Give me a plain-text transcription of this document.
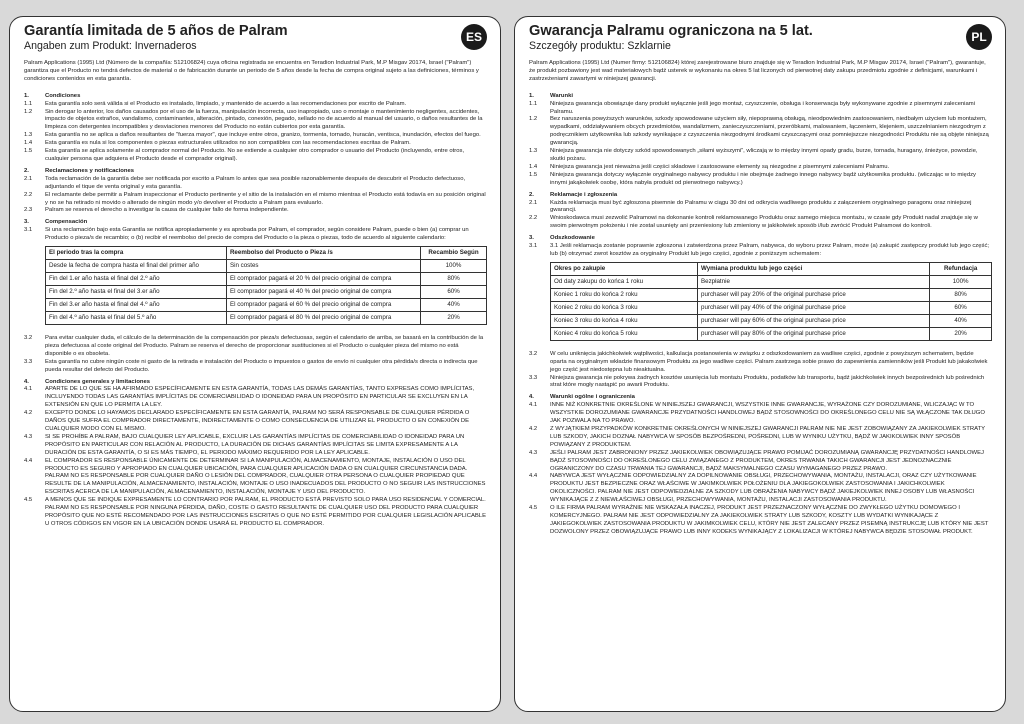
ES
Garantía limitada de 5 años de Palram
Angaben zum Produkt: Invernaderos

Palram Applications (1995) Ltd (Número de la compañía: 512106824) cuya oficina registrada se encuentra en Teradion Industrial Park, M.P Misgav 20174, Israel ("Palram") garantiza que el Producto no tendrá defectos de material o de fabricación durante un periodo de 5 años desde la fecha de compra original sujeto a las definiciones, términos y condiciones contenidos en esta garantía.

1.	Condiciones
1.1	Esta garantía solo será válida si el Producto es instalado, limpiado, y mantenido de acuerdo a las recomendaciones por escrito de Palram.
1.2	Sin derogar lo anterior, los daños causados por el uso de la fuerza, manipulación incorrecta, uso inapropiado, uso o montaje o mantenimiento negligentes, accidentes, impacto de objetos extraños, vandalismo, contaminantes, alteración, pintado, conexión, pegado, sellado no de acuerdo al manual del usuario, o daños resultantes de la limpieza con detergentes incompatibles y desviaciones menores del Producto no están cubiertos por esta garantía.
1.3	Esta garantía no se aplica a daños resultantes de "fuerza mayor", que incluye entre otros, granizo, tormenta, tornado, huracán, ventisca, inundación, efectos del fuego.
1.4	Esta garantía es nula si los componentes o piezas estructurales utilizados no son compatibles con las recomendaciones escritas de Palram.
1.5	Esta garantía se aplica solamente al comprador normal del Producto. No se extiende a cualquier otro comprador o usuario del Producto (incluyendo, entre otros, cualquier persona que adquiera el Producto desde el comprador original).
2.	Reclamaciones y notificaciones
2.1	Toda reclamación de la garantía debe ser notificada por escrito a Palram lo antes que sea posible razonablemente después de descubrir el Producto defectuoso, adjuntando el tique de venta original y esta garantía.
2.2	El reclamante debe permitir a Palram inspeccionar el Producto pertinente y el sitio de la instalación en el mismo mientras el Producto está todavía en su posición original y no se ha retirado ni movido o alterado de ningún modo y/o devolver el Producto a Palram para evaluarlo.
2.3	Palram se reserva el derecho a investigar la causa de cualquier fallo de forma independiente.
3.	Compensación
3.1	Si una reclamación bajo esta Garantía se notifica apropiadamente y es aprobada por Palram, el comprador, según considere Palram, puede o bien (a) comprar un Producto o pieza/s de recambio; o (b) recibir el reembolso del precio de compra del Producto o la pieza o piezas, todo de acuerdo al siguiente calendario:
El periodo tras la compra	Reembolso del Producto o Pieza /s	Recambio Según
Desde la fecha de compra hasta el final del primer año	Sin costes	100%
Fin del 1.er año hasta el final del 2.º año	El comprador pagará el 20 % del precio original de compra	80%
Fin del 2.º año hasta el final del 3.er año	El comprador pagará el 40 % del precio original de compra	60%
Fin del 3.er año hasta el final del 4.º año	El comprador pagará el 60 % del precio original de compra	40%
Fin del 4.º año hasta el final del 5.º año	El comprador pagará el 80 % del precio original de compra	20%
3.2	Para evitar cualquier duda, el cálculo de la determinación de la compensación por pieza/s defectuosas, según el calendario de arriba, se basará en la contribución de la pieza defectuosa al coste original del Producto. Palram se reserva el derecho de proporcionar sustituciones si el Producto o cualquier pieza del mismo no está disponible o es obsoleta.
3.3	Esta garantía no cubre ningún coste ni gasto de la retirada e instalación del Producto o impuestos o gastos de envío ni cualquier otra pérdida/s directa o indirecta que pueda resultar del defecto del Producto.
4.	Condiciones generales y limitaciones
4.1	APARTE DE LO QUE SE HA AFIRMADO ESPECÍFICAMENTE EN ESTA GARANTÍA, TODAS LAS DEMÁS GARANTÍAS, TANTO EXPRESAS COMO IMPLÍCITAS, INCLUYENDO TODAS LAS GARANTÍAS IMPLÍCITAS DE COMERCIABILIDAD O IDONEIDAD PARA UN PROPÓSITO EN PARTICULAR SE EXCLUYEN EN LA EXTENSIÓN EN QUE LO PERMITA LA LEY.
4.2	EXCEPTO DONDE LO HAYAMOS DECLARADO ESPECÍFICAMENTE EN ESTA GARANTÍA, PALRAM NO SERÁ RESPONSABLE DE CUALQUIER PÉRDIDA O DAÑOS QUE SUFRA EL COMPRADOR DIRECTAMENTE, INDIRECTAMENTE O COMO CONSECUENCIA DE UTILIZAR EL PRODUCTO O EN CONEXIÓN DE CUALQUIER MODO CON EL MISMO.
4.3	SI SE PROHÍBE A PALRAM, BAJO CUALQUIER LEY APLICABLE, EXCLUIR LAS GARANTÍAS IMPLÍCITAS DE COMERCIABILIDAD O IDONEIDAD PARA UN PROPÓSITO EN PARTICULAR CON RELACIÓN AL PRODUCTO, LA DURACIÓN DE DICHAS GARANTÍAS IMPLÍCITAS SE LIMITA EXPRESAMENTE A LA DURACIÓN DE ESTA GARANTÍA, O SI ES MÁS TIEMPO, EL PERIODO MÁXIMO REQUERIDO POR LA LEY APLICABLE.
4.4	EL COMPRADOR ES RESPONSABLE ÚNICAMENTE DE DETERMINAR SI LA MANIPULACIÓN, ALMACENAMIENTO, MONTAJE, INSTALACIÓN O USO DEL PRODUCTO ES SEGURO Y APROPIADO EN CUALQUIER UBICACIÓN, PARA CUALQUIER APLICACIÓN DADA O EN CUALQUIER CIRCUNSTANCIA DADA. PALRAM NO ES RESPONSABLE POR CUALQUIER DAÑO O LESIÓN DEL COMPRADOR, CUALQUIER OTRA PERSONA O CUALQUIER PROPIEDAD QUE RESULTE DE LA MANIPULACIÓN, ALMACENAMIENTO, INSTALACIÓN, MONTAJE O USO INADECUADOS DEL PRODUCTO O NO SEGUIR LAS INSTRUCCIONES ESCRITAS ACERCA DE LA MANIPULACIÓN, ALMACENAMIENTO, INSTALACIÓN, MONTAJE Y USO DEL PRODUCTO.
4.5	A MENOS QUE SE INDIQUE EXPRESAMENTE LO CONTRARIO POR PALRAM, EL PRODUCTO ESTÁ PREVISTO SOLO PARA USO RESIDENCIAL Y COMERCIAL. PALRAM NO ES RESPONSABLE POR NINGUNA PÉRDIDA, DAÑO, COSTE O GASTO RESULTANTE DE CUALQUIER USO DEL PRODUCTO PARA CUALQUIER PROPÓSITO QUE NO ESTÉ RECOMENDADO POR LAS INSTRUCCIONES ESCRITAS O QUE NO ESTÉ PERMITIDO POR CUALQUIER LEGISLACIÓN APLICABLE U OTROS CÓDIGOS EN VIGOR EN LA UBICACIÓN DONDE USARÁ EL PRODUCTO EL COMPRADOR.
PL
Gwarancja Palramu ograniczona na 5 lat.
Szczegóły produktu: Szklarnie

Palram Applications (1995) Ltd (Numer firmy: 512106824) której zarejestrowane biuro znajduje się w Teradion Industrial Park, M.P Misgav 20174, Israel ("Palram"), gwarantuje, że produkt pozbawiony jest wad materiałowych bądź usterek w wykonaniu na okres 5 lat liczonych od pierwotnej daty zakupu przedmiotu zgodnie z definicjami, warunkami i zastrzeżeniami zawartymi w niniejszej gwarancji.

1.	Warunki
1.1	Niniejsza gwarancja obowiązuje dany produkt wyłącznie jeśli jego montaż, czyszczenie, obsługa i konserwacja były wykonywane zgodnie z pisemnymi zaleceniami Palramu.
1.2	Bez naruszenia powyższych warunków, szkody spowodowane użyciem siły, niepoprawną obsługą, nieodpowiednim zastosowaniem, niedbałym użyciem lub montażem, wypadkami, oddziaływaniem obcych przedmiotów, wandalizmem, zanieczyszczeniami, przeróbkami, malowaniem, łączeniem, klejeniem, uszczelnianiem niezgodnym z podręcznikiem użytkownika lub szkody wynikające z czyszczenia niezgodnymi środkami czyszczącymi oraz pomniejszcze niezgodności Produktu nie są objęte niniejszą gwarancją.
1.3	Niniejsza gwarancja nie dotyczy szkód spowodowanych „siłami wyższymi”, wliczają w to między innymi opady gradu, burze, tornada, huragany, śnieżyce, powodzie, skutki pożaru.
1.4	Niniejsza gwarancja jest nieważna jeśli części składowe i zastosowane elementy są niezgodne z pisemnymi zaleceniami Palramu.
1.5	Niniejsza gwarancja dotyczy wyłącznie oryginalnego nabywcy produktu i nie obejmuje żadnego innego nabywcy bądź użytkownika produktu. (wliczając w to między innymi jakąkolwiek osobę, która nabyła produkt od pierwotnego nabywcy.)
2.	Reklamacje i zgłoszenia
2.1	Każda reklamacja musi być zgłoszona pisemnie do Palramu w ciągu 30 dni od odkrycia wadliwego produktu z załączeniem oryginalnego paragonu oraz niniejszej gwarancji.
2.2	Wnioskodawca musi zezwolić Palramowi na dokonanie kontroli reklamowanego Produktu oraz samego miejsca montażu, w czasie gdy Produkt nadal znajduje się w swoim pierwotnym położeniu i nie został usunięty ani przeniesiony lub zmieniony w jakikolwiek sposób i/lub zwrócić Produkt Palramowi do kontroli.
3.	Odszkodowanie
3.1	3.1 Jeśli reklamacja zostanie poprawnie zgłoszona i zatwierdzona przez Palram, nabywca, do wyboru przez Palram, może (a) zakupić zastępczy produkt lub jego część; lub (b) otrzymać zwrot kosztów za oryginalny Produkt lub jego części, zgodnie z poniższym schematem:
Okres po zakupie	Wymiana produktu lub jego części	Refundacja
Od daty zakupu do końca 1 roku	Bezpłatnie	100%
Koniec 1 roku do końca 2 roku	purchaser will pay 20% of the original purchase price	80%
Koniec 2 roku do końca 3 roku	purchaser will pay 40% of the original purchase price	60%
Koniec 3 roku do końca 4 roku	purchaser will pay 60% of the original purchase price	40%
Koniec 4 roku do końca 5 roku	purchaser will pay 80% of the original purchase price	20%
3.2	W celu uniknięcia jakichkolwiek wątpliwości, kalkulacja postanowienia w związku z odszkodowaniem za wadliwe części, zgodnie z powyższym schematem, będzie oparta na oryginalnym wkładzie finansowym Produktu za jego wadliwe części. Palram zastrzega sobie prawo do zapewnienia zamienników jeśli Produkt lub jakakolwiek jego część jest niedostępna lub nieaktualna.
3.3	Niniejsza gwarancja nie pokrywa żadnych kosztów usunięcia lub montażu Produktu, podatków lub transportu, bądź jakichkolwiek innych bezpośrednich lub pośrednich strat które mogły nastąpić po awarii Produktu.
4.	Warunki ogólne i ograniczenia
4.1	INNE NIŻ KONKRETNIE OKREŚLONE W NINIEJSZEJ GWARANCJI, WSZYSTKIE INNE GWARANCJE, WYRAŻONE CZY DOROZUMIANE, WLICZAJĄC W TO WSZYSTKIE DOROZUMIANE GWARANCJE PRZYDATNOŚCI HANDLOWEJ BĄDŹ STOSOWNOŚCI DO OKREŚLONEGO CELU NIE SĄ WŁĄCZONE TAK DŁUGO JAK POZWALA NA TO PRAWO.
4.2	Z WYJĄTKIEM PRZYPADKÓW KONKRETNIE OKREŚLONYCH W NINIEJSZEJ GWARANCJI PALRAM NIE NIE JEST ZOBOWIĄZANY ZA JAKIEKOLWIEK STRATY LUB SZKODY, JAKICH DOZNAŁ NABYWCA W SPOSÓB BEZPOŚREDNI, POŚREDNI, LUB W WYNIKU UŻYTKU, BĄDŹ W JAKIKOLWIEK INNY SPOSÓB POWIĄZANY Z PRODUKTEM.
4.3	JEŚLI PALRAM JEST ZABRONIONY PRZEZ JAKIEKOLWIEK OBOWIĄZUJĄCE PRAWO POMIJAĆ DOROZUMIANĄ GWARANCJĘ PRZYDATNOŚCI HANDLOWEJ BĄDŹ STOSOWNOŚCI DO OKREŚLONEGO CELU ZWIĄZANEGO Z PRODUKTEM, OKRES TRWANIA TAKICH GWARANCJI JEST JEDNOZNACZNIE OGRANICZONY DO CZASU TRWANIA TEJ GWARANCJI, BĄDŹ MAKSYMALNEGO CZASU WYMAGANEGO PRZEZ PRAWO.
4.4	NABYWCA JEST WYŁĄCZNIE ODPOWIEDZIALNY ZA DOPILNOWANIE OBSŁUGI, PRZECHOWYWANIA, MONTAŻU, INSTALACJI, ORAZ CZY UŻYTKOWANIE PRODUKTU JEST BEZPIECZNE ORAZ WŁAŚCIWE W JAKIMKOLWIEK POŁOŻENIU DLA JAKIEGOKOLWIEK ZASTOSOWANIA I JAKICHKOLWIEK OKOLICZNOŚCI. PALRAM NIE JEST ODPOWIEDZIALNE ZA SZKODY LUB OBRAŻENIA NABYWCY BĄDŹ JAKIEJKOLWIEK INNEJ OSOBY LUB WŁASNOŚCI WYNIKAJĄCE Z Z NIEWŁAŚCIWEJ OBSŁUGI, PRZECHOWYWANIA, MONTAŻU, INSTALACJI ZASTOSOWANIA PRODUKTU.
4.5	O ILE FIRMA PALRAM WYRAŹNIE NIE WSKAZAŁA INACZEJ, PRODUKT JEST PRZEZNACZONY WYŁĄCZNIE DO ZWYKŁEGO UŻYTKU DOMOWEGO I KOMERCYJNEGO. PALRAM NIE JEST ODPOWIEDZIALNY ZA JAKIEKOLWIEK STRATY LUB SZKODY, KOSZTY LUB WYDATKI WYNIKAJĄCE Z JAKIEGOKOLWIEK ZASTOSOWANIA PRODUKTU W JAKIMKOLWIEK CELU, KTÓRY NIE JEST ZALECANY PRZEZ PISEMNĄ INSTRUKCJĘ LUB KTÓRY NIE JEST DOZWOLONY PRZEZ OBOWIĄZUJĄCE PRAWO LUB INNY KODEKS WYNIKAJĄCY Z LOKALIZACJI W KTÓREJ NABYWCA BĘDZIE STOSOWAŁ PRODUKT.
